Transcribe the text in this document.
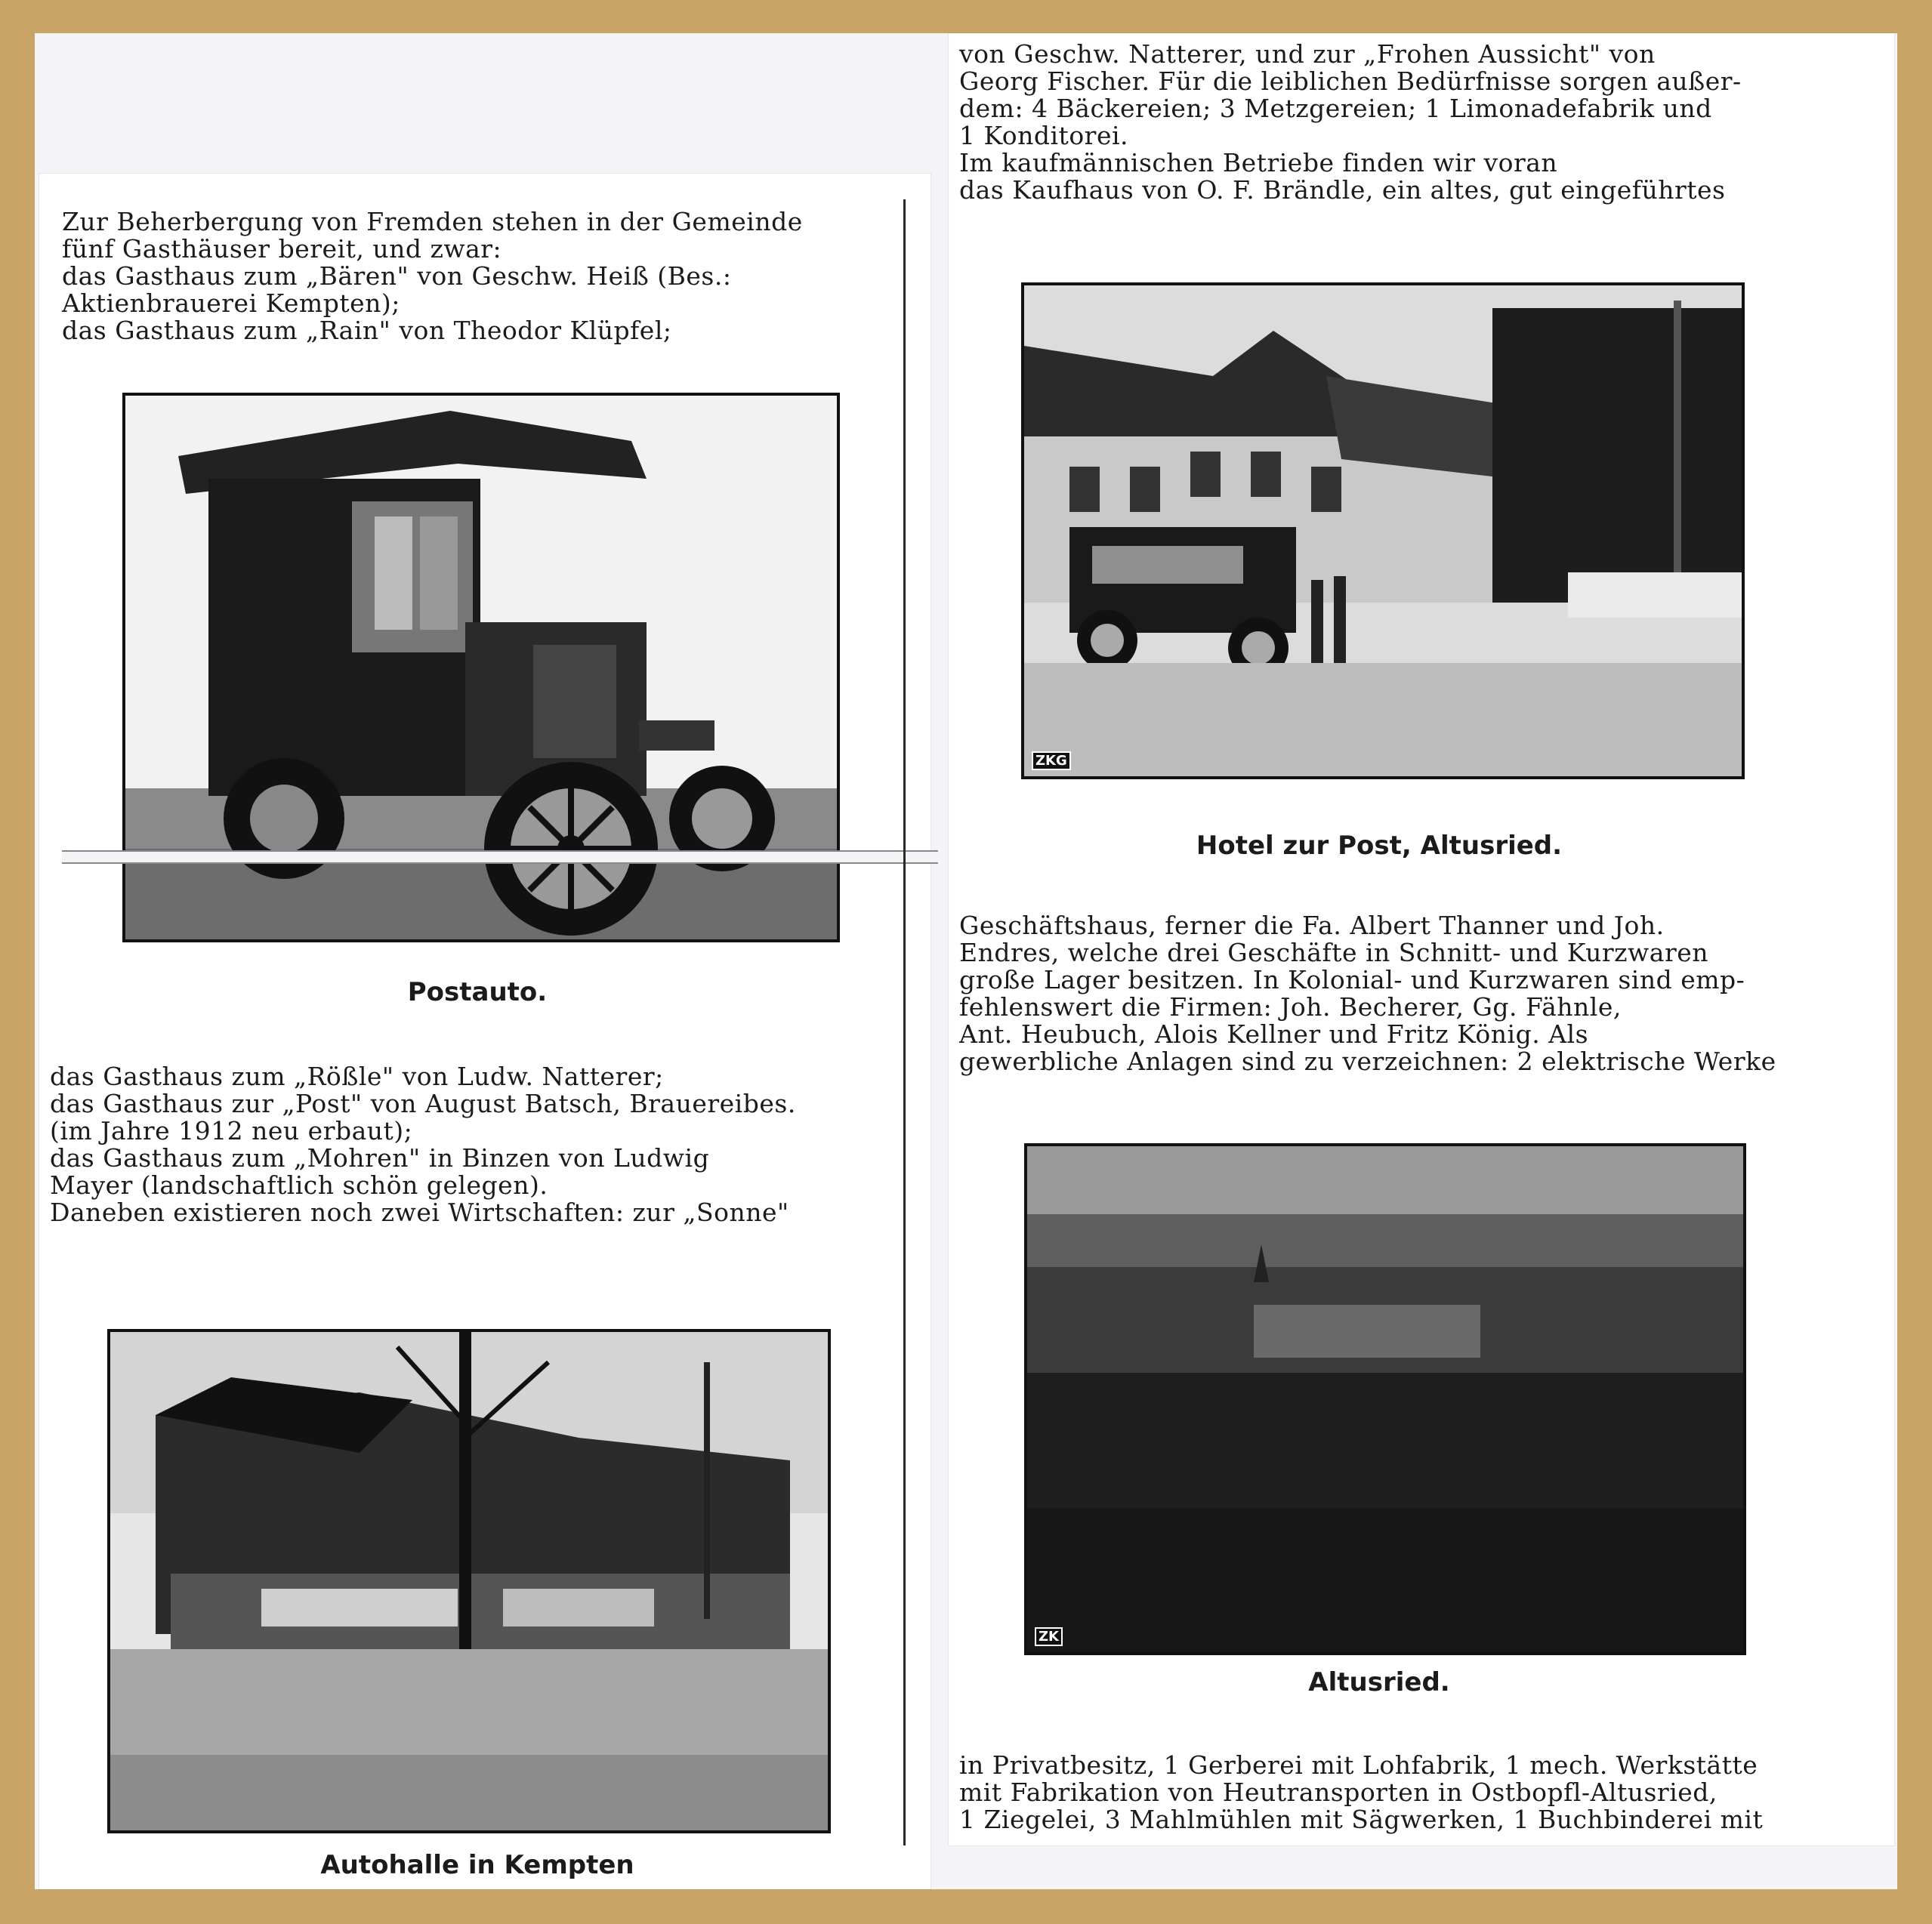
Zur Beherbergung von Fremden stehen in der Gemeinde
fünf Gasthäuser bereit, und zwar:
das Gasthaus zum „Bären" von Geschw. Heiß (Bes.:
Aktienbrauerei Kempten);
das Gasthaus zum „Rain" von Theodor Klüpfel;

Postauto.

das Gasthaus zum „Rößle" von Ludw. Natterer;
das Gasthaus zur „Post" von August Batsch, Brauereibes.
(im Jahre 1912 neu erbaut);
das Gasthaus zum „Mohren" in Binzen von Ludwig
Mayer (landschaftlich schön gelegen).
Daneben existieren noch zwei Wirtschaften: zur „Sonne"

Autohalle in Kempten

von Geschw. Natterer, und zur „Frohen Aussicht" von
Georg Fischer. Für die leiblichen Bedürfnisse sorgen außer-
dem: 4 Bäckereien; 3 Metzgereien; 1 Limonadefabrik und
1 Konditorei.
Im kaufmännischen Betriebe finden wir voran
das Kaufhaus von O. F. Brändle, ein altes, gut eingeführtes

ZKG

Hotel zur Post, Altusried.

Geschäftshaus, ferner die Fa. Albert Thanner und Joh.
Endres, welche drei Geschäfte in Schnitt- und Kurzwaren
große Lager besitzen. In Kolonial- und Kurzwaren sind emp-
fehlenswert die Firmen: Joh. Becherer, Gg. Fähnle,
Ant. Heubuch, Alois Kellner und Fritz König. Als
gewerbliche Anlagen sind zu verzeichnen: 2 elektrische Werke

ZK

Altusried.

in Privatbesitz, 1 Gerberei mit Lohfabrik, 1 mech. Werkstätte
mit Fabrikation von Heutransporten in Ostbopfl-Altusried,
1 Ziegelei, 3 Mahlmühlen mit Sägwerken, 1 Buchbinderei mit
